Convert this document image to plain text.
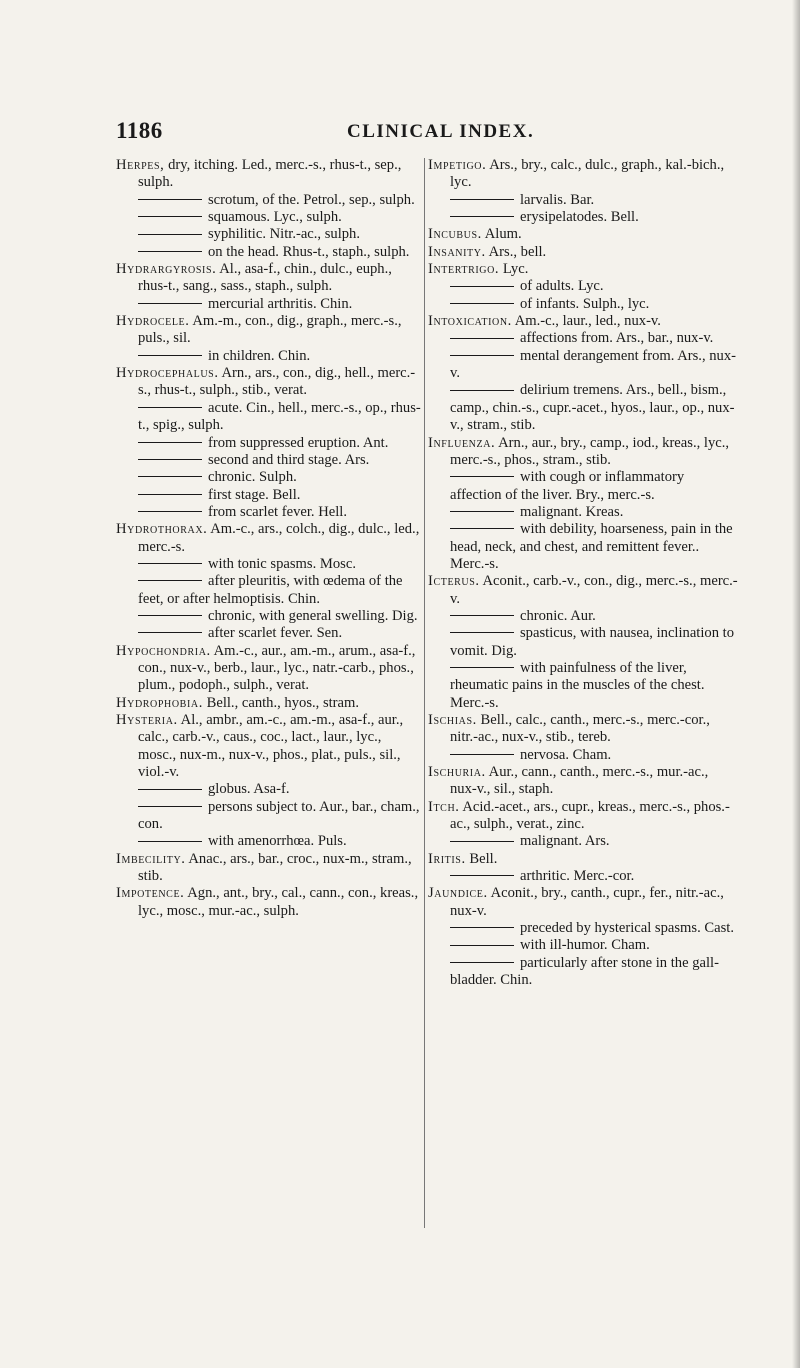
1186	CLINICAL INDEX.

Herpes, dry, itching. Led., merc.-s., rhus-t., sep., sulph.

scrotum, of the. Petrol., sep., sulph.

squamous. Lyc., sulph.

syphilitic. Nitr.-ac., sulph.

on the head. Rhus-t., staph., sulph.

Hydrargyrosis. Al., asa-f., chin., dulc., euph., rhus-t., sang., sass., staph., sulph.

mercurial arthritis. Chin.

Hydrocele. Am.-m., con., dig., graph., merc.-s., puls., sil.

in children. Chin.

Hydrocephalus. Arn., ars., con., dig., hell., merc.-s., rhus-t., sulph., stib., verat.

acute. Cin., hell., merc.-s., op., rhus-t., spig., sulph.

from suppressed eruption. Ant.

second and third stage. Ars.

chronic. Sulph.

first stage. Bell.

from scarlet fever. Hell.

Hydrothorax. Am.-c., ars., colch., dig., dulc., led., merc.-s.

with tonic spasms. Mosc.

after pleuritis, with œdema of the feet, or after helmoptisis. Chin.

chronic, with general swelling. Dig.

after scarlet fever. Sen.

Hypochondria. Am.-c., aur., am.-m., arum., asa-f., con., nux-v., berb., laur., lyc., natr.-carb., phos., plum., podoph., sulph., verat.

Hydrophobia. Bell., canth., hyos., stram.

Hysteria. Al., ambr., am.-c., am.-m., asa-f., aur., calc., carb.-v., caus., coc., lact., laur., lyc., mosc., nux-m., nux-v., phos., plat., puls., sil., viol.-v.

globus. Asa-f.

persons subject to. Aur., bar., cham., con.

with amenorrhœa. Puls.

Imbecility. Anac., ars., bar., croc., nux-m., stram., stib.

Impotence. Agn., ant., bry., cal., cann., con., kreas., lyc., mosc., mur.-ac., sulph.

Impetigo. Ars., bry., calc., dulc., graph., kal.-bich., lyc.

larvalis. Bar.

erysipelatodes. Bell.

Incubus. Alum.

Insanity. Ars., bell.

Intertrigo. Lyc.

of adults. Lyc.

of infants. Sulph., lyc.

Intoxication. Am.-c., laur., led., nux-v.

affections from. Ars., bar., nux-v.

mental derangement from. Ars., nux-v.

delirium tremens. Ars., bell., bism., camp., chin.-s., cupr.-acet., hyos., laur., op., nux-v., stram., stib.

Influenza. Arn., aur., bry., camp., iod., kreas., lyc., merc.-s., phos., stram., stib.

with cough or inflammatory affection of the liver. Bry., merc.-s.

malignant. Kreas.

with debility, hoarseness, pain in the head, neck, and chest, and remittent fever.. Merc.-s.

Icterus. Aconit., carb.-v., con., dig., merc.-s., merc.-v.

chronic. Aur.

spasticus, with nausea, inclination to vomit. Dig.

with painfulness of the liver, rheumatic pains in the muscles of the chest. Merc.-s.

Ischias. Bell., calc., canth., merc.-s., merc.-cor., nitr.-ac., nux-v., stib., tereb.

nervosa. Cham.

Ischuria. Aur., cann., canth., merc.-s., mur.-ac., nux-v., sil., staph.

Itch. Acid.-acet., ars., cupr., kreas., merc.-s., phos.-ac., sulph., verat., zinc.

malignant. Ars.

Iritis. Bell.

arthritic. Merc.-cor.

Jaundice. Aconit., bry., canth., cupr., fer., nitr.-ac., nux-v.

preceded by hysterical spasms. Cast.

with ill-humor. Cham.

particularly after stone in the gall-bladder. Chin.
